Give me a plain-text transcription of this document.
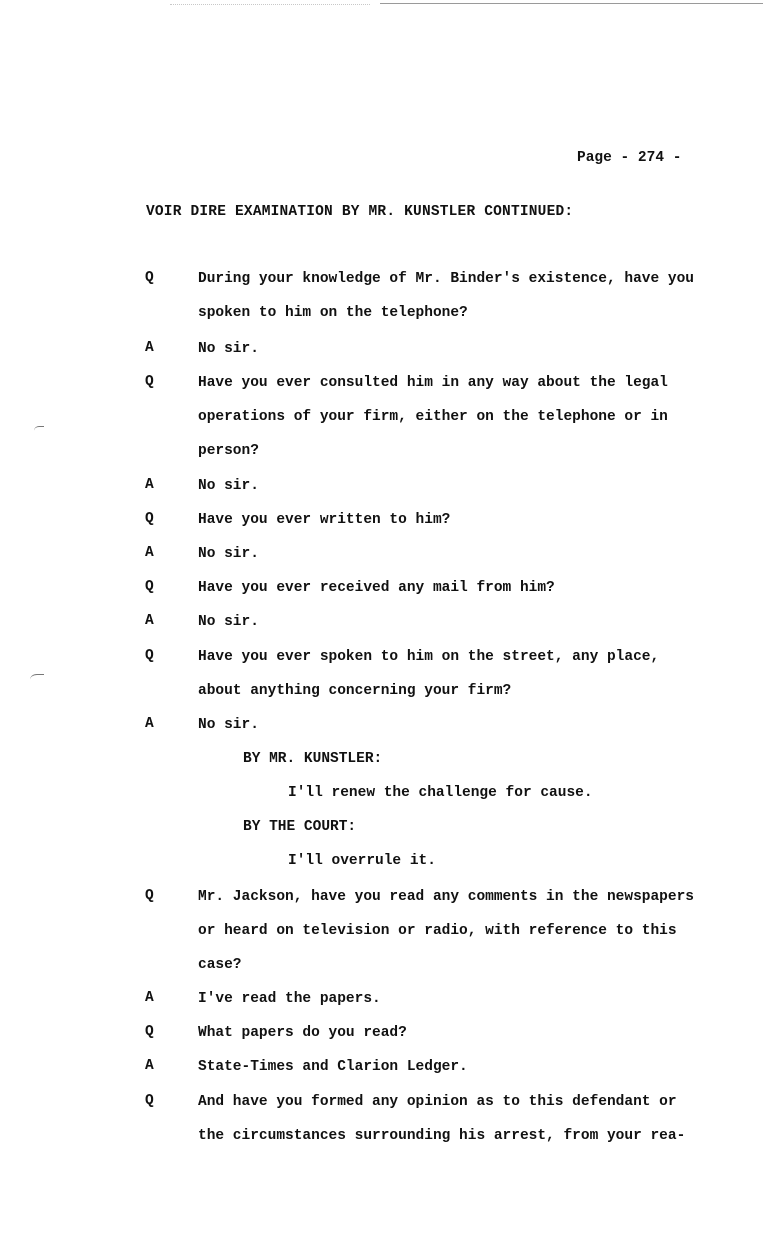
Page - 274 -
VOIR DIRE EXAMINATION BY MR. KUNSTLER CONTINUED:
Q	During your knowledge of Mr. Binder's existence, have you
spoken to him on the telephone?
A	No sir.
Q	Have you ever consulted him in any way about the legal
operations of your firm, either on the telephone or in
person?
A	No sir.
Q	Have you ever written to him?
A	No sir.
Q	Have you ever received any mail from him?
A	No sir.
Q	Have you ever spoken to him on the street, any place,
about anything concerning your firm?
A	No sir.
BY MR. KUNSTLER:
I'll renew the challenge for cause.
BY THE COURT:
I'll overrule it.
Q	Mr. Jackson, have you read any comments in the newspapers
or heard on television or radio, with reference to this
case?
A	I've read the papers.
Q	What papers do you read?
A	State-Times and Clarion Ledger.
Q	And have you formed any opinion as to this defendant or
the circumstances surrounding his arrest, from your rea-
